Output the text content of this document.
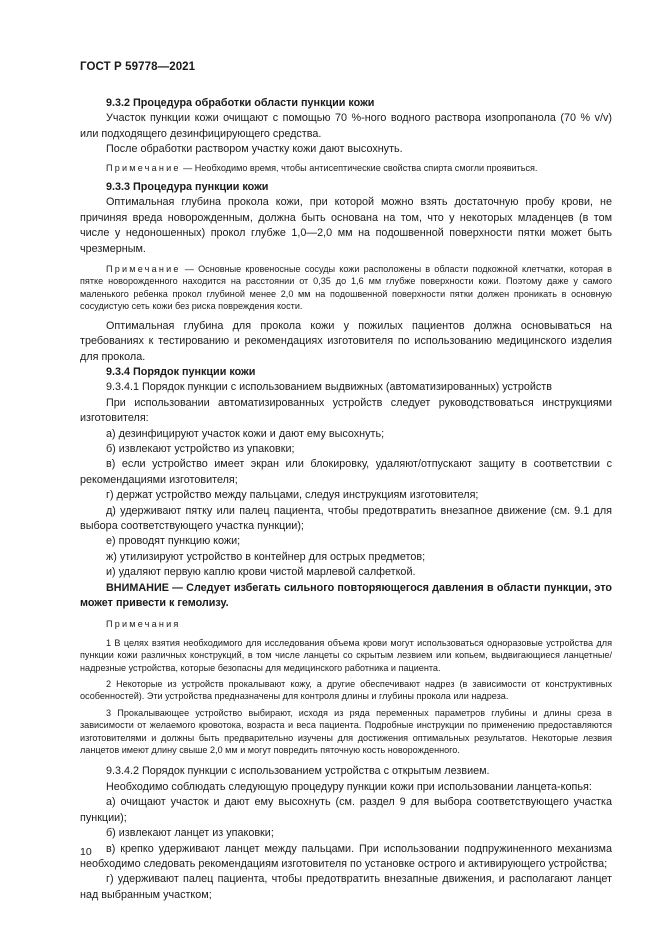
ГОСТ Р 59778—2021

9.3.2 Процедура обработки области пункции кожи

Участок пункции кожи очищают с помощью 70 %-ного водного раствора изопропанола (70 % v/v) или подходящего дезинфицирующего средства.

После обработки раствором участку кожи дают высохнуть.

Примечание — Необходимо время, чтобы антисептические свойства спирта смогли проявиться.

9.3.3 Процедура пункции кожи

Оптимальная глубина прокола кожи, при которой можно взять достаточную пробу крови, не причиняя вреда новорожденным, должна быть основана на том, что у некоторых младенцев (в том числе у недоношенных) прокол глубже 1,0—2,0 мм на подошвенной поверхности пятки может быть чрезмерным.

Примечание — Основные кровеносные сосуды кожи расположены в области подкожной клетчатки, которая в пятке новорожденного находится на расстоянии от 0,35 до 1,6 мм глубже поверхности кожи. Поэтому даже у самого маленького ребенка прокол глубиной менее 2,0 мм на подошвенной поверхности пятки должен проникать в основную сосудистую сеть кожи без риска повреждения кости.

Оптимальная глубина для прокола кожи у пожилых пациентов должна основываться на требованиях к тестированию и рекомендациях изготовителя по использованию медицинского изделия для прокола.

9.3.4 Порядок пункции кожи

9.3.4.1 Порядок пункции с использованием выдвижных (автоматизированных) устройств

При использовании автоматизированных устройств следует руководствоваться инструкциями изготовителя:

а) дезинфицируют участок кожи и дают ему высохнуть;

б) извлекают устройство из упаковки;

в) если устройство имеет экран или блокировку, удаляют/отпускают защиту в соответствии с рекомендациями изготовителя;

г) держат устройство между пальцами, следуя инструкциям изготовителя;

д) удерживают пятку или палец пациента, чтобы предотвратить внезапное движение (см. 9.1 для выбора соответствующего участка пункции);

е) проводят пункцию кожи;

ж) утилизируют устройство в контейнер для острых предметов;

и) удаляют первую каплю крови чистой марлевой салфеткой.

ВНИМАНИЕ — Следует избегать сильного повторяющегося давления в области пункции, это может привести к гемолизу.

Примечания

1 В целях взятия необходимого для исследования объема крови могут использоваться одноразовые устройства для пункции кожи различных конструкций, в том числе ланцеты со скрытым лезвием или копьем, выдвигающиеся ланцетные/надрезные устройства, которые безопасны для медицинского работника и пациента.

2 Некоторые из устройств прокалывают кожу, а другие обеспечивают надрез (в зависимости от конструктивных особенностей). Эти устройства предназначены для контроля длины и глубины прокола или надреза.

3 Прокалывающее устройство выбирают, исходя из ряда переменных параметров глубины и длины среза в зависимости от желаемого кровотока, возраста и веса пациента. Подробные инструкции по применению предоставляются изготовителями и должны быть предварительно изучены для достижения оптимальных результатов. Некоторые лезвия ланцетов имеют длину свыше 2,0 мм и могут повредить пяточную кость новорожденного.

9.3.4.2 Порядок пункции с использованием устройства с открытым лезвием.

Необходимо соблюдать следующую процедуру пункции кожи при использовании ланцета-копья:

а) очищают участок и дают ему высохнуть (см. раздел 9 для выбора соответствующего участка пункции);

б) извлекают ланцет из упаковки;

в) крепко удерживают ланцет между пальцами. При использовании подпружиненного механизма необходимо следовать рекомендациям изготовителя по установке острого и активирующего устройства;

г) удерживают палец пациента, чтобы предотвратить внезапные движения, и располагают ланцет над выбранным участком;

10
